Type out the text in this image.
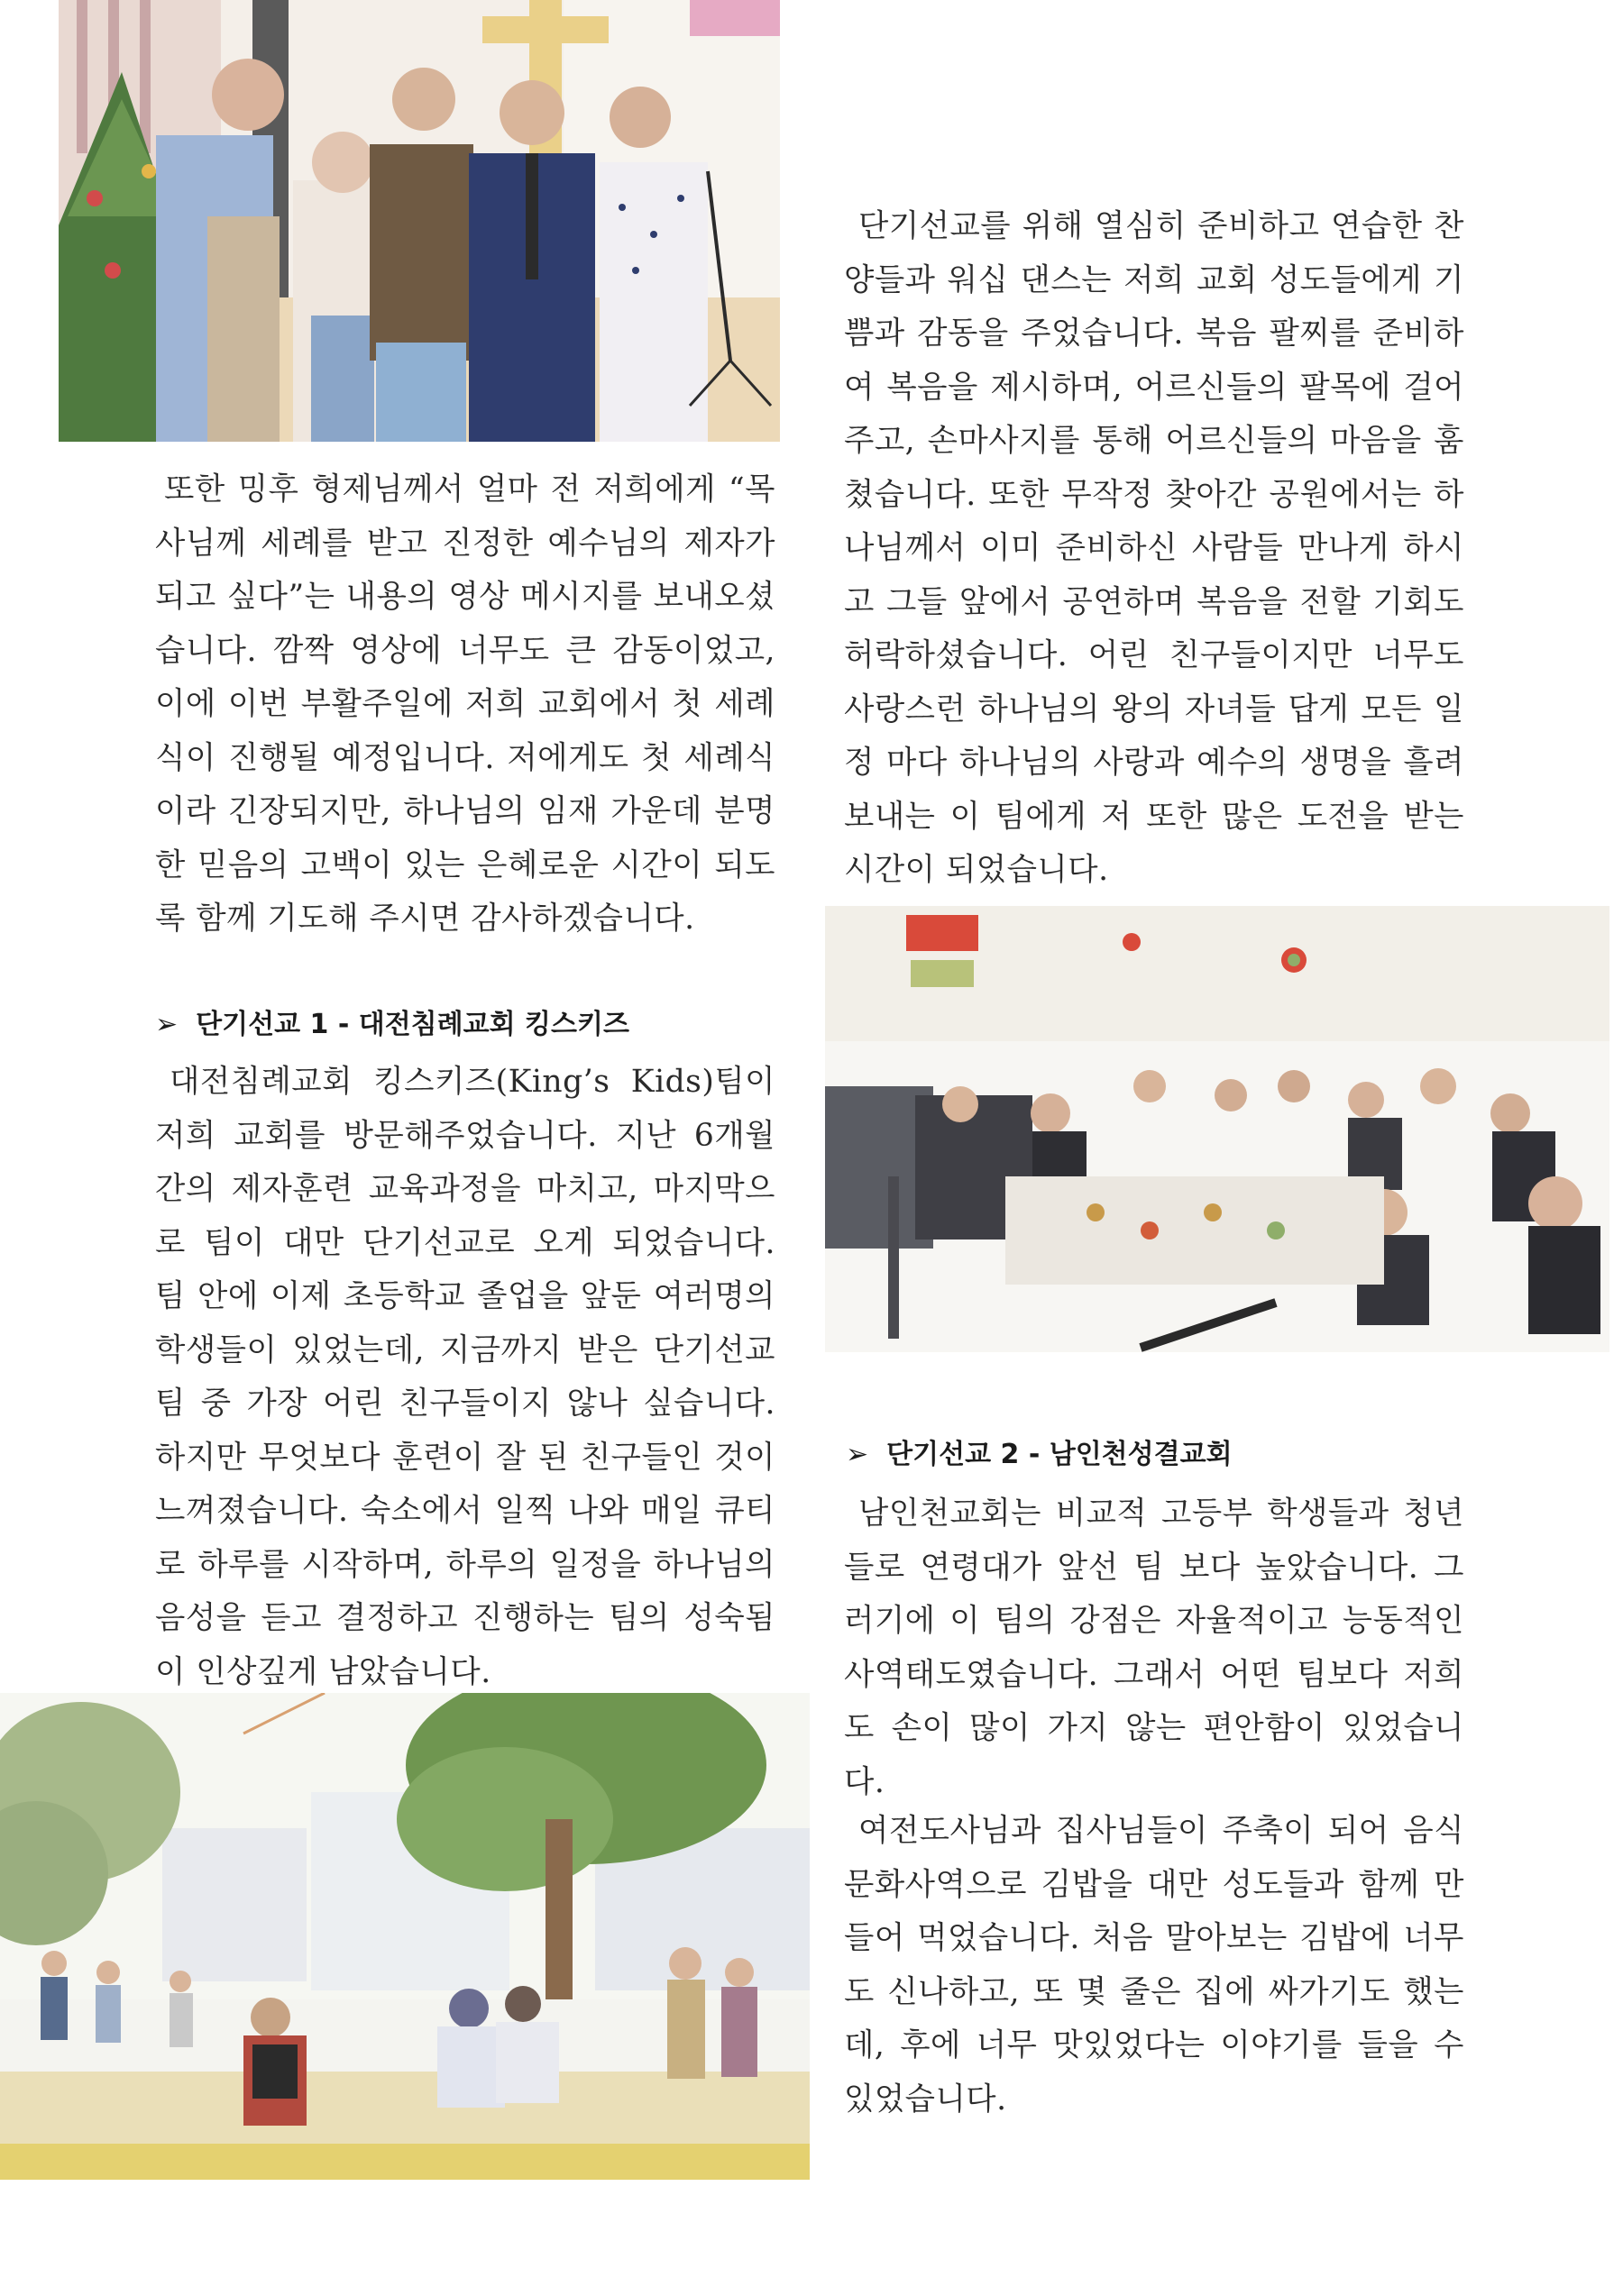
또한 밍후 형제님께서 얼마 전 저희에게 “목사님께 세례를 받고 진정한 예수님의 제자가 되고 싶다”는 내용의 영상 메시지를 보내오셨습니다. 깜짝 영상에 너무도 큰 감동이었고, 이에 이번 부활주일에 저희 교회에서 첫 세례식이 진행될 예정입니다. 저에게도 첫 세례식이라 긴장되지만, 하나님의 임재 가운데 분명한 믿음의 고백이 있는 은혜로운 시간이 되도록 함께 기도해 주시면 감사하겠습니다.

➢ 단기선교 1 - 대전침례교회 킹스키즈

대전침례교회 킹스키즈(King’s Kids)팀이 저희 교회를 방문해주었습니다. 지난 6개월간의 제자훈련 교육과정을 마치고, 마지막으로 팀이 대만 단기선교로 오게 되었습니다. 팀 안에 이제 초등학교 졸업을 앞둔 여러명의 학생들이 있었는데, 지금까지 받은 단기선교팀 중 가장 어린 친구들이지 않나 싶습니다. 하지만 무엇보다 훈련이 잘 된 친구들인 것이 느껴졌습니다. 숙소에서 일찍 나와 매일 큐티로 하루를 시작하며, 하루의 일정을 하나님의 음성을 듣고 결정하고 진행하는 팀의 성숙됨이 인상깊게 남았습니다.

단기선교를 위해 열심히 준비하고 연습한 찬양들과 워십 댄스는 저희 교회 성도들에게 기쁨과 감동을 주었습니다. 복음 팔찌를 준비하여 복음을 제시하며, 어르신들의 팔목에 걸어주고, 손마사지를 통해 어르신들의 마음을 훔쳤습니다. 또한 무작정 찾아간 공원에서는 하나님께서 이미 준비하신 사람들 만나게 하시고 그들 앞에서 공연하며 복음을 전할 기회도 허락하셨습니다. 어린 친구들이지만 너무도 사랑스런 하나님의 왕의 자녀들 답게 모든 일정 마다 하나님의 사랑과 예수의 생명을 흘려 보내는 이 팀에게 저 또한 많은 도전을 받는 시간이 되었습니다.

➢ 단기선교 2 - 남인천성결교회

남인천교회는 비교적 고등부 학생들과 청년들로 연령대가 앞선 팀 보다 높았습니다. 그러기에 이 팀의 강점은 자율적이고 능동적인 사역태도였습니다. 그래서 어떤 팀보다 저희도 손이 많이 가지 않는 편안함이 있었습니다.

여전도사님과 집사님들이 주축이 되어 음식 문화사역으로 김밥을 대만 성도들과 함께 만들어 먹었습니다. 처음 말아보는 김밥에 너무도 신나하고, 또 몇 줄은 집에 싸가기도 했는데, 후에 너무 맛있었다는 이야기를 들을 수 있었습니다.
